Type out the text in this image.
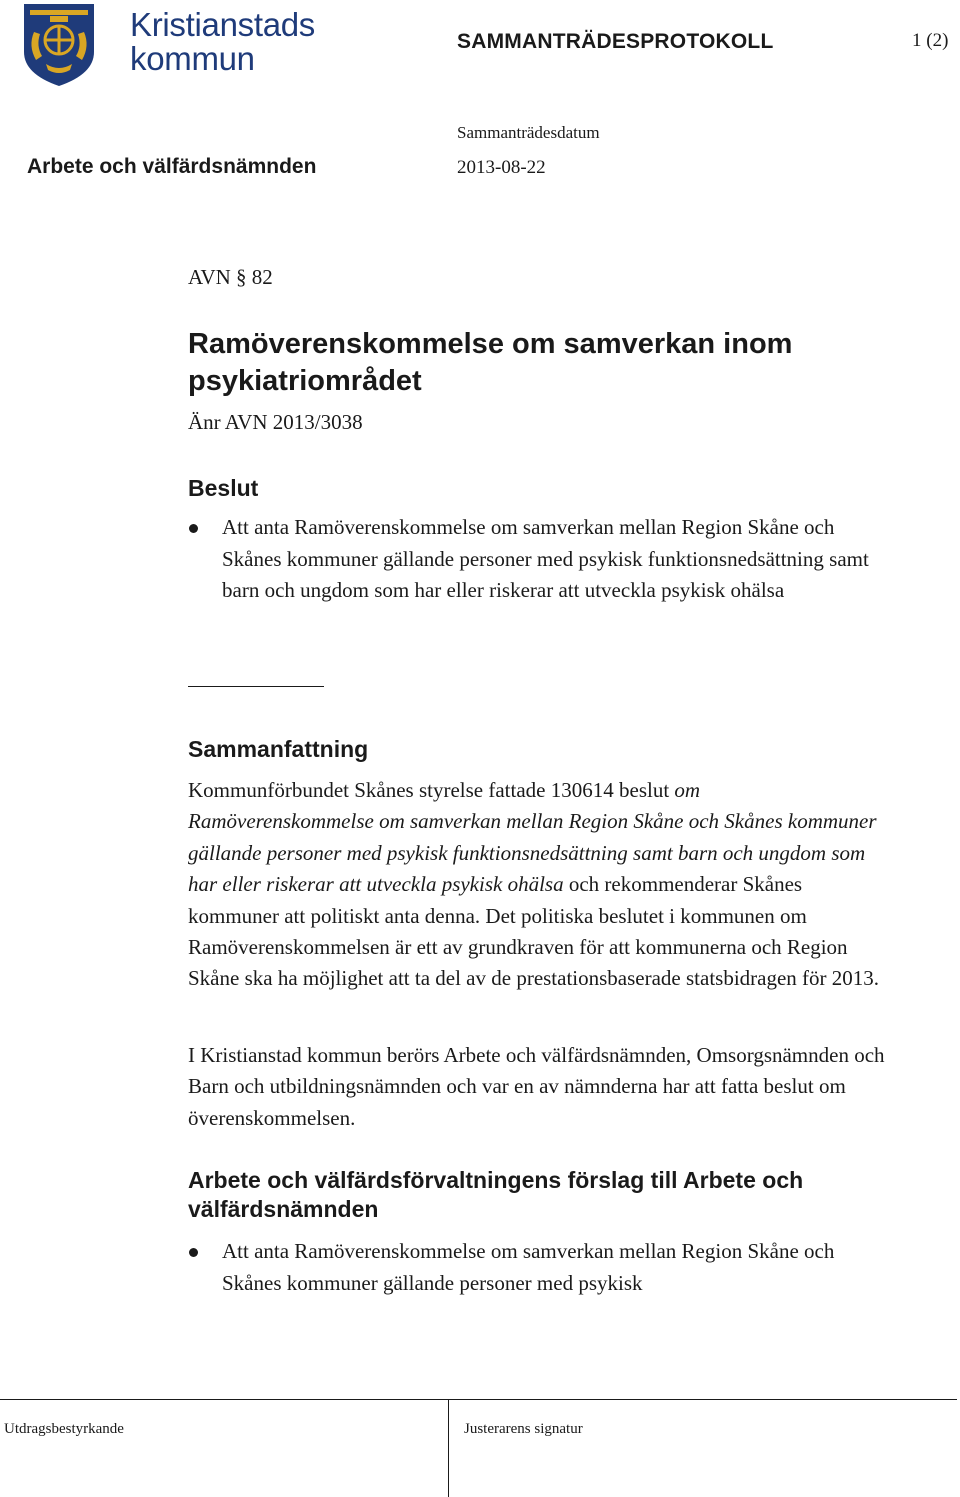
Kristianstads
kommun	SAMMANTRÄDESPROTOKOLL	1 (2)
Sammanträdesdatum
2013-08-22
Arbete och välfärdsnämnden
AVN § 82
Ramöverenskommelse om samverkan inom psykiatriområdet
Änr AVN 2013/3038
Beslut
Att anta Ramöverenskommelse om samverkan mellan Region Skåne och Skånes kommuner gällande personer med psykisk funktionsnedsättning samt barn och ungdom som har eller riskerar att utveckla psykisk ohälsa
Sammanfattning
Kommunförbundet Skånes styrelse fattade 130614 beslut om Ramöverenskommelse om samverkan mellan Region Skåne och Skånes kommuner gällande personer med psykisk funktionsnedsättning samt barn och ungdom som har eller riskerar att utveckla psykisk ohälsa och rekommenderar Skånes kommuner att politiskt anta denna. Det politiska beslutet i kommunen om Ramöverenskommelsen är ett av grundkraven för att kommunerna och Region Skåne ska ha möjlighet att ta del av de prestationsbaserade statsbidragen för 2013.
I Kristianstad kommun berörs Arbete och välfärdsnämnden, Omsorgsnämnden och Barn och utbildningsnämnden och var en av nämnderna har att fatta beslut om överenskommelsen.
Arbete och välfärdsförvaltningens förslag till Arbete och välfärdsnämnden
Att anta Ramöverenskommelse om samverkan mellan Region Skåne och Skånes kommuner gällande personer med psykisk
Utdragsbestyrkande	Justerarens signatur
